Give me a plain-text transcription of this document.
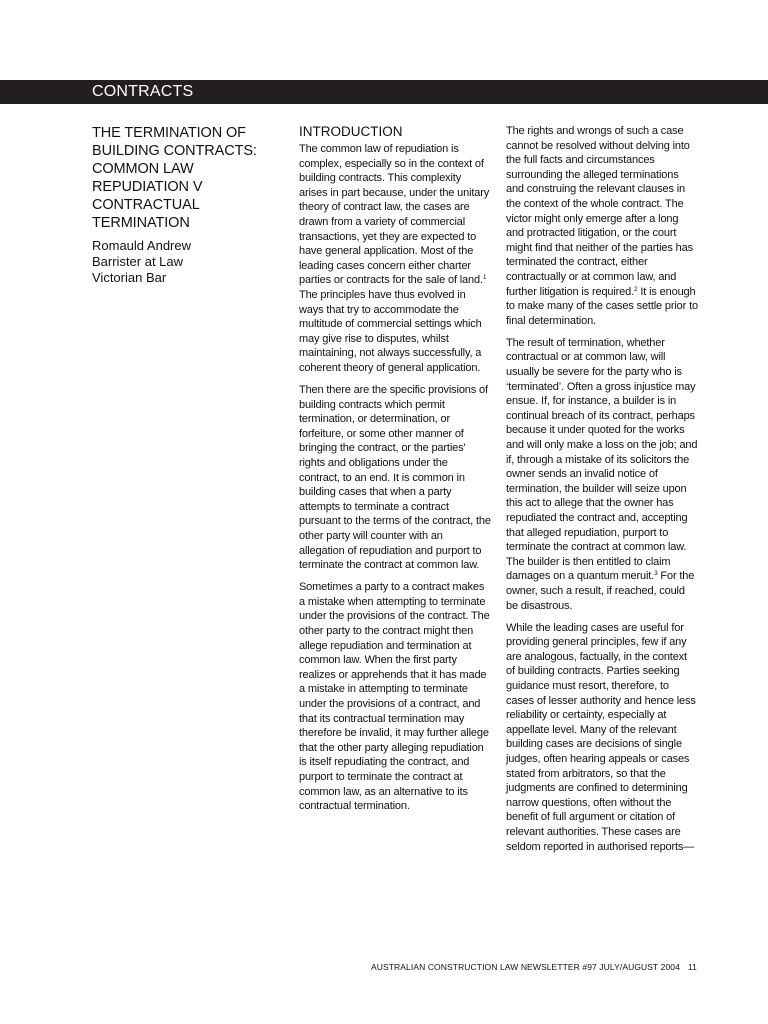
CONTRACTS
THE TERMINATION OF
BUILDING CONTRACTS:
COMMON LAW
REPUDIATION V
CONTRACTUAL
TERMINATION

Romauld Andrew

Barrister at Law

Victorian Bar

INTRODUCTION

The common law of repudiation is complex, especially so in the context of building contracts. This complexity arises in part because, under the unitary theory of contract law, the cases are drawn from a variety of commercial transactions, yet they are expected to have general application. Most of the leading cases concern either charter parties or contracts for the sale of land.$^1$ The principles have thus evolved in ways that try to accommodate the multitude of commercial settings which may give rise to disputes, whilst maintaining, not always successfully, a coherent theory of general application.

Then there are the specific provisions of building contracts which permit termination, or determination, or forfeiture, or some other manner of bringing the contract, or the parties' rights and obligations under the contract, to an end. It is common in building cases that when a party attempts to terminate a contract pursuant to the terms of the contract, the other party will counter with an allegation of repudiation and purport to terminate the contract at common law.

Sometimes a party to a contract makes a mistake when attempting to terminate under the provisions of the contract. The other party to the contract might then allege repudiation and termination at common law. When the first party realizes or apprehends that it has made a mistake in attempting to terminate under the provisions of a contract, and that its contractual termination may therefore be invalid, it may further allege that the other party alleging repudiation is itself repudiating the contract, and purport to terminate the contract at common law, as an alternative to its contractual termination.

The rights and wrongs of such a case cannot be resolved without delving into the full facts and circumstances surrounding the alleged terminations and construing the relevant clauses in the context of the whole contract. The victor might only emerge after a long and protracted litigation, or the court might find that neither of the parties has terminated the contract, either contractually or at common law, and further litigation is required.$^2$ It is enough to make many of the cases settle prior to final determination.

The result of termination, whether contractual or at common law, will usually be severe for the party who is ‘terminated’. Often a gross injustice may ensue. If, for instance, a builder is in continual breach of its contract, perhaps because it under quoted for the works and will only make a loss on the job; and if, through a mistake of its solicitors the owner sends an invalid notice of termination, the builder will seize upon this act to allege that the owner has repudiated the contract and, accepting that alleged repudiation, purport to terminate the contract at common law. The builder is then entitled to claim damages on a quantum meruit.$^3$ For the owner, such a result, if reached, could be disastrous.

While the leading cases are useful for providing general principles, few if any are analogous, factually, in the context of building contracts. Parties seeking guidance must resort, therefore, to cases of lesser authority and hence less reliability or certainty, especially at appellate level. Many of the relevant building cases are decisions of single judges, often hearing appeals or cases stated from arbitrators, so that the judgments are confined to determining narrow questions, often without the benefit of full argument or citation of relevant authorities. These cases are seldom reported in authorised reports—

AUSTRALIAN CONSTRUCTION LAW NEWSLETTER #97 JULY/AUGUST 2004 11
